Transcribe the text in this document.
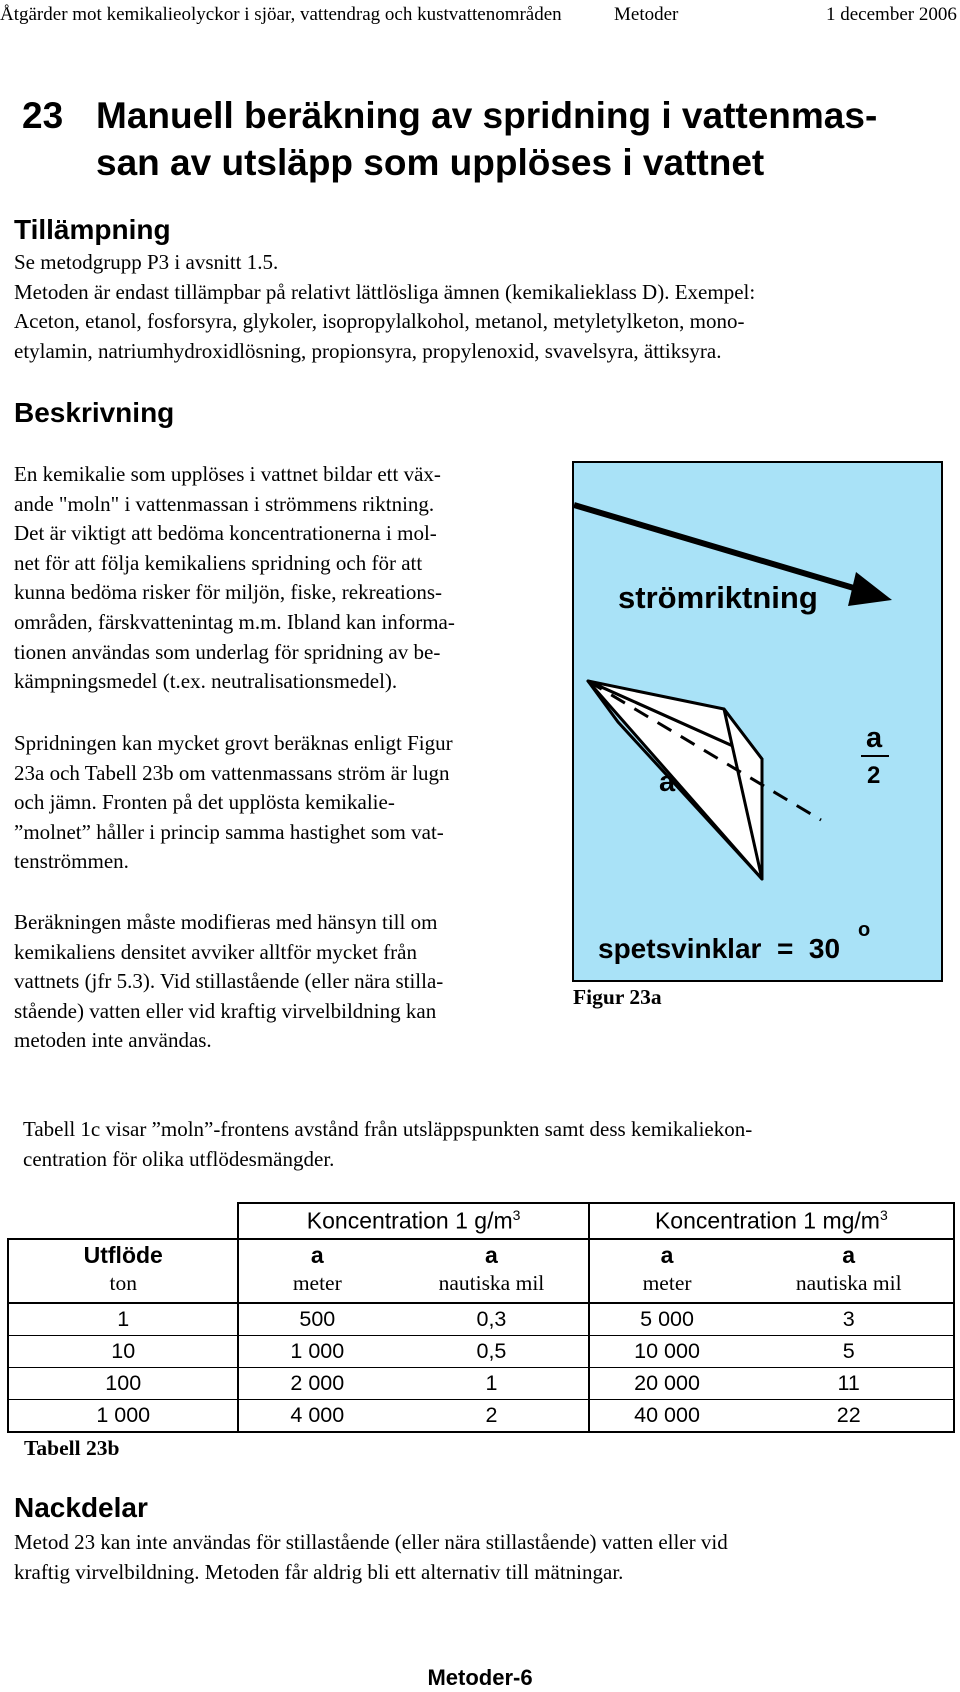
Åtgärder mot kemikalieolyckor i sjöar, vattendrag och kustvattenområden	Metoder	1 december 2006
23 Manuell beräkning av spridning i vattenmas-
san av utsläpp som upplöses i vattnet
Tillämpning
Se metodgrupp P3 i avsnitt 1.5.
Metoden är endast tillämpbar på relativt lättlösliga ämnen (kemikalieklass D). Exempel:
Aceton, etanol, fosforsyra, glykoler, isopropylalkohol, metanol, metyletylketon, mono-
etylamin, natriumhydroxidlösning, propionsyra, propylenoxid, svavelsyra, ättiksyra.
Beskrivning
En kemikalie som upplöses i vattnet bildar ett väx-
ande "moln" i vattenmassan i strömmens riktning.
Det är viktigt att bedöma koncentrationerna i mol-
net för att följa kemikaliens spridning och för att
kunna bedöma risker för miljön, fiske, rekreations-
områden, färskvattenintag m.m. Ibland kan informa-
tionen användas som underlag för spridning av be-
kämpningsmedel (t.ex. neutralisationsmedel).
Spridningen kan mycket grovt beräknas enligt Figur
23a och Tabell 23b om vattenmassans ström är lugn
och jämn. Fronten på det upplösta kemikalie-
”molnet” håller i princip samma hastighet som vat-
tenströmmen.
Beräkningen måste modifieras med hänsyn till om
kemikaliens densitet avviker alltför mycket från
vattnets (jfr 5.3). Vid stillastående (eller nära stilla-
stående) vatten eller vid kraftig virvelbildning kan
metoden inte användas.
strömriktning
a
a
2
spetsvinklar  =  30
o
Figur 23a
Tabell 1c visar ”moln”-frontens avstånd från utsläppspunkten samt dess kemikaliekon-
centration för olika utflödesmängder.
	Koncentration 1 $g/m^3$		Koncentration 1 $mg/m^3$
Utflöde	a	a	a	a
ton	meter	nautiska mil	meter	nautiska mil
1	500	0,3	5 000	3
10	1 000	0,5	10 000	5
100	2 000	1	20 000	11
1 000	4 000	2	40 000	22
Tabell 23b
Nackdelar
Metod 23 kan inte användas för stillastående (eller nära stillastående) vatten eller vid
kraftig virvelbildning. Metoden får aldrig bli ett alternativ till mätningar.
Metoder-6
